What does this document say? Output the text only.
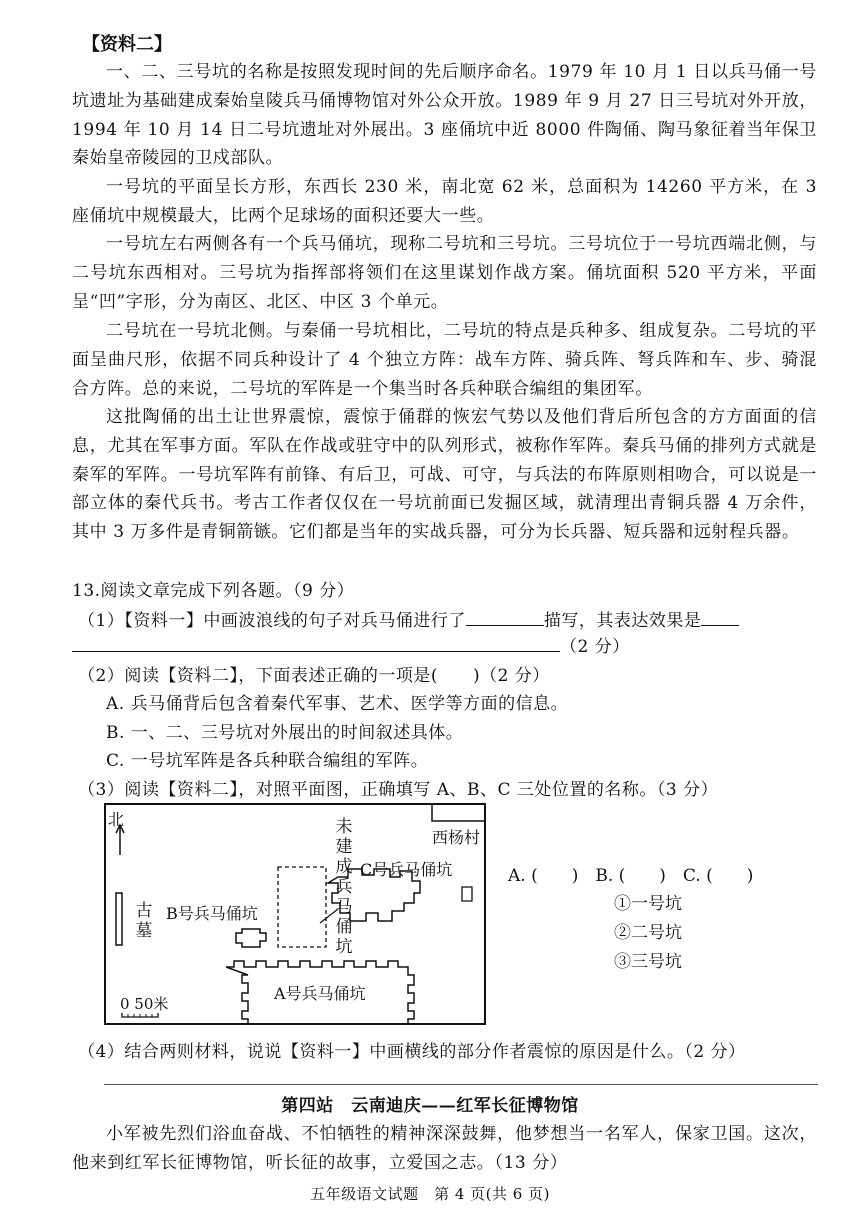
【资料二】

一、二、三号坑的名称是按照发现时间的先后顺序命名。1979 年 10 月 1 日以兵马俑一号坑遗址为基础建成秦始皇陵兵马俑博物馆对外公众开放。1989 年 9 月 27 日三号坑对外开放，1994 年 10 月 14 日二号坑遗址对外展出。3 座俑坑中近 8000 件陶俑、陶马象征着当年保卫秦始皇帝陵园的卫戍部队。

一号坑的平面呈长方形，东西长 230 米，南北宽 62 米，总面积为 14260 平方米，在 3 座俑坑中规模最大，比两个足球场的面积还要大一些。

一号坑左右两侧各有一个兵马俑坑，现称二号坑和三号坑。三号坑位于一号坑西端北侧，与二号坑东西相对。三号坑为指挥部将领们在这里谋划作战方案。俑坑面积 520 平方米，平面呈“凹”字形，分为南区、北区、中区 3 个单元。

二号坑在一号坑北侧。与秦俑一号坑相比，二号坑的特点是兵种多、组成复杂。二号坑的平面呈曲尺形，依据不同兵种设计了 4 个独立方阵：战车方阵、骑兵阵、弩兵阵和车、步、骑混合方阵。总的来说，二号坑的军阵是一个集当时各兵种联合编组的集团军。

这批陶俑的出土让世界震惊，震惊于俑群的恢宏气势以及他们背后所包含的方方面面的信息，尤其在军事方面。军队在作战或驻守中的队列形式，被称作军阵。秦兵马俑的排列方式就是秦军的军阵。一号坑军阵有前锋、有后卫，可战、可守，与兵法的布阵原则相吻合，可以说是一部立体的秦代兵书。考古工作者仅仅在一号坑前面已发掘区域，就清理出青铜兵器 4 万余件，其中 3 万多件是青铜箭镞。它们都是当年的实战兵器，可分为长兵器、短兵器和远射程兵器。

13.阅读文章完成下列各题。（9 分）
（1）【资料一】中画波浪线的句子对兵马俑进行了	描写，其表达效果是
（2 分）
（2）阅读【资料二】，下面表述正确的一项是(　　)（2 分）
A. 兵马俑背后包含着秦代军事、艺术、医学等方面的信息。
B. 一、二、三号坑对外展出的时间叙述具体。
C. 一号坑军阵是各兵种联合编组的军阵。
（3）阅读【资料二】，对照平面图，正确填写 A、B、C 三处位置的名称。（3 分）
北
西杨村
古
墓
未
建
成
兵
马
俑
坑
B号兵马俑坑
C号兵马俑坑
A号兵马俑坑
0 50米
A. (　　)　B. (　　)　C. (　　)
①一号坑
②二号坑
③三号坑
（4）结合两则材料，说说【资料一】中画横线的部分作者震惊的原因是什么。（2 分）
第四站　云南迪庆——红军长征博物馆

小军被先烈们浴血奋战、不怕牺牲的精神深深鼓舞，他梦想当一名军人，保家卫国。这次，他来到红军长征博物馆，听长征的故事，立爱国之志。（13 分）

五年级语文试题　第 4 页(共 6 页)
